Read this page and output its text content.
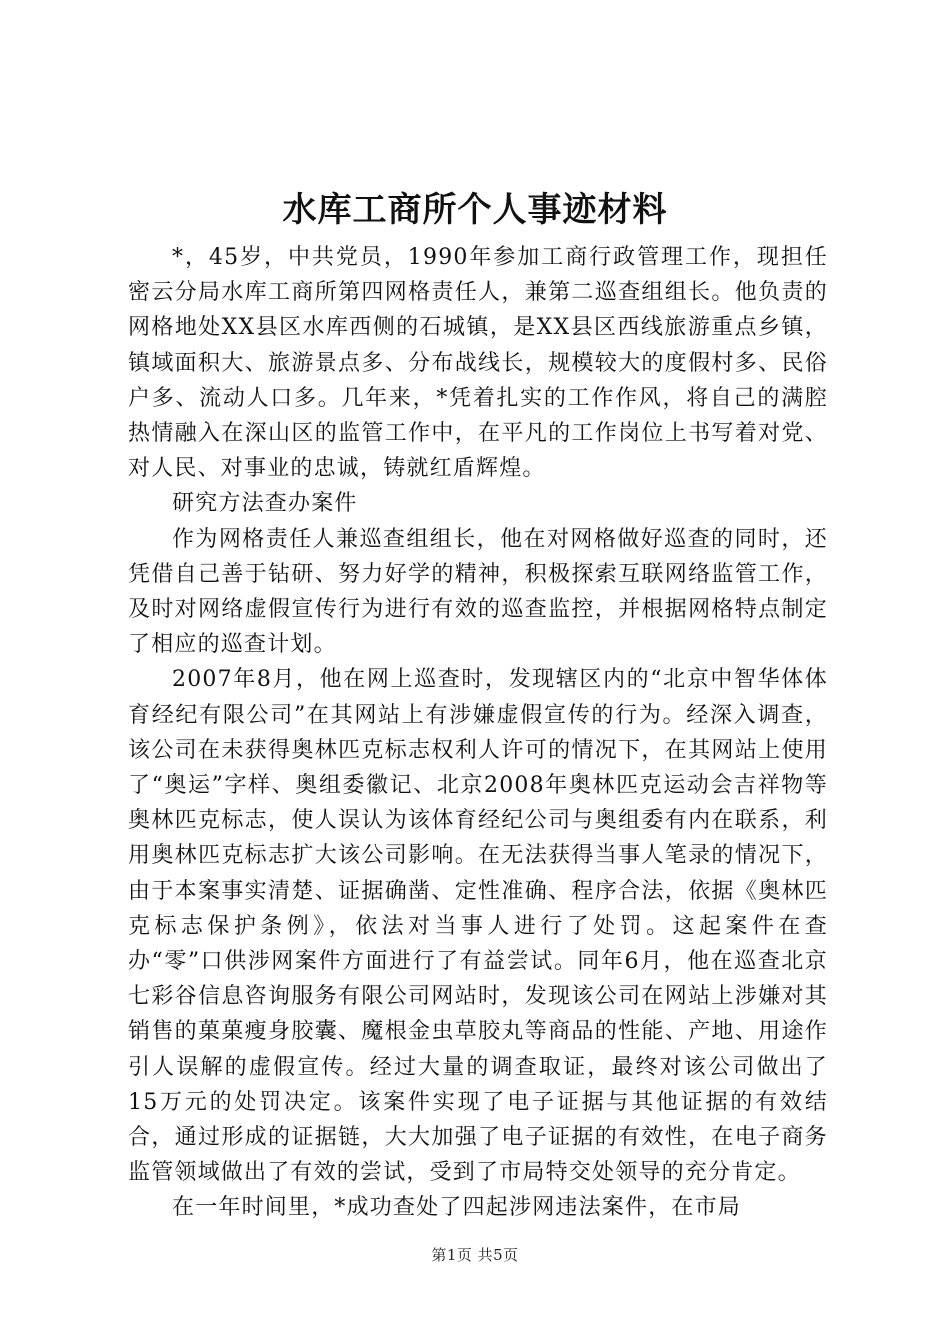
水库工商所个人事迹材料

*，45岁，中共党员，1990年参加工商行政管理工作，现担任密云分局水库工商所第四网格责任人，兼第二巡查组组长。他负责的网格地处XX县区水库西侧的石城镇，是XX县区西线旅游重点乡镇，镇域面积大、旅游景点多、分布战线长，规模较大的度假村多、民俗户多、流动人口多。几年来，*凭着扎实的工作作风，将自己的满腔热情融入在深山区的监管工作中，在平凡的工作岗位上书写着对党、对人民、对事业的忠诚，铸就红盾辉煌。

研究方法查办案件

作为网格责任人兼巡查组组长，他在对网格做好巡查的同时，还凭借自己善于钻研、努力好学的精神，积极探索互联网络监管工作，及时对网络虚假宣传行为进行有效的巡查监控，并根据网格特点制定了相应的巡查计划。

2007年8月，他在网上巡查时，发现辖区内的“北京中智华体体育经纪有限公司”在其网站上有涉嫌虚假宣传的行为。经深入调查，该公司在未获得奥林匹克标志权利人许可的情况下，在其网站上使用了“奥运”字样、奥组委徽记、北京2008年奥林匹克运动会吉祥物等奥林匹克标志，使人误认为该体育经纪公司与奥组委有内在联系，利用奥林匹克标志扩大该公司影响。在无法获得当事人笔录的情况下，由于本案事实清楚、证据确凿、定性准确、程序合法，依据《奥林匹克标志保护条例》，依法对当事人进行了处罚。这起案件在查办“零”口供涉网案件方面进行了有益尝试。同年6月，他在巡查北京七彩谷信息咨询服务有限公司网站时，发现该公司在网站上涉嫌对其销售的菓菓瘦身胶囊、魔根金虫草胶丸等商品的性能、产地、用途作引人误解的虚假宣传。经过大量的调查取证，最终对该公司做出了15万元的处罚决定。该案件实现了电子证据与其他证据的有效结合，通过形成的证据链，大大加强了电子证据的有效性，在电子商务监管领域做出了有效的尝试，受到了市局特交处领导的充分肯定。

在一年时间里，*成功查处了四起涉网违法案件，在市局

第1页 共5页
